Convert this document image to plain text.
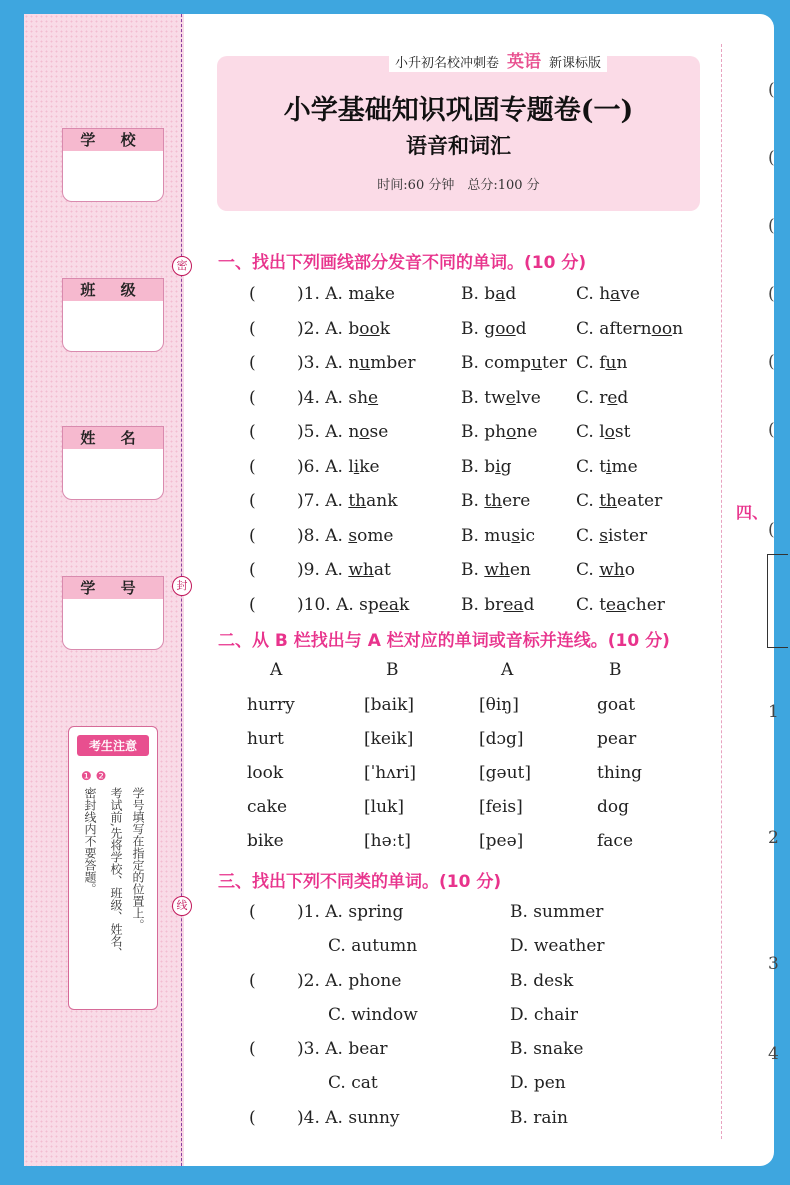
密
封
线
学 校
班 级
姓 名
学 号
考生注意
❶ ❷
学号填写在指定的位置上。
考试前,先将学校、班级、姓名、
密封线内不要答题。
小升初名校冲刺卷 英语 新课标版
小学基础知识巩固专题卷(一)
语音和词汇
时间:60 分钟　总分:100 分
一、找出下列画线部分发音不同的单词。(10 分)
( )1. A. make	B. bad	C. have
( )2. A. book	B. good	C. afternoon
( )3. A. number	B. computer C. fun
( )4. A. she	B. twelve C. red
( )5. A. nose	B. phone C. lost
( )6. A. like	B. big	C. time
( )7. A. thank	B. there	C. theater
( )8. A. some	B. music C. sister
( )9. A. what	B. when	C. who
( )10. A. speak	B. bread C. teacher
二、从 B 栏找出与 A 栏对应的单词或音标并连线。(10 分)
A	B	A	B
hurry	[baik]	[θiŋ]	goat
hurt	[keik]	[dɔg]	pear
look	[ˈhʌri]	[gəut]	thing
cake	[luk]	[feis]	dog
bike	[həːt]	[peə]	face
三、找出下列不同类的单词。(10 分)
( )1. A. spring	B. summer
C. autumn	D. weather
( )2. A. phone	B. desk
C. window	D. chair
( )3. A. bear	B. snake
C. cat	D. pen
( )4. A. sunny	B. rain
(
(
(
(
(
(
四、
(
1
2
3
4
